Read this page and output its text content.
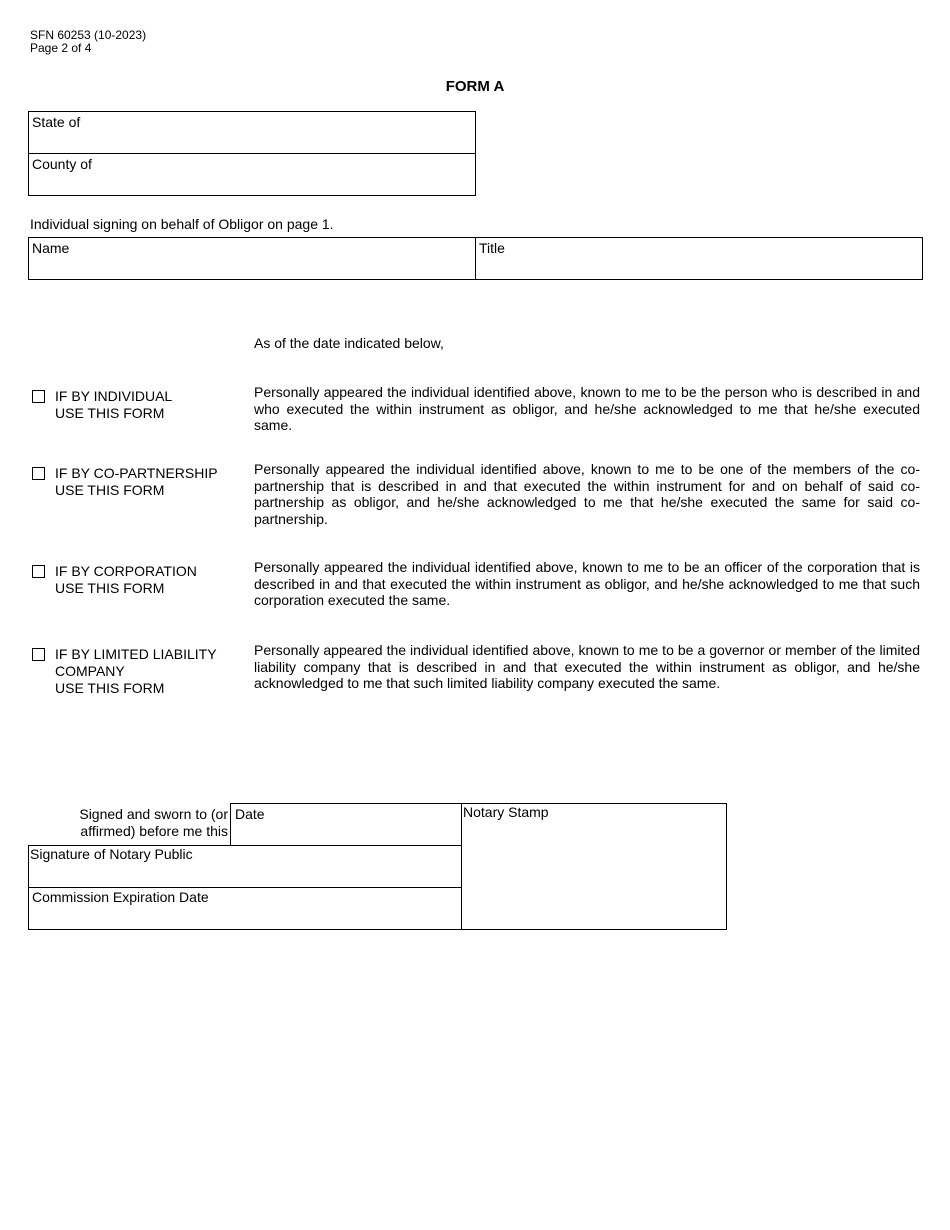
SFN 60253 (10-2023)
Page 2 of 4
FORM A
State of
County of
Individual signing on behalf of Obligor on page 1.
Name	Title
As of the date indicated below,
IF BY INDIVIDUAL
USE THIS FORM
Personally appeared the individual identified above, known to me to be the person who is described in and who executed the within instrument as obligor, and he/she acknowledged to me that he/she executed same.
IF BY CO-PARTNERSHIP
USE THIS FORM
Personally appeared the individual identified above, known to me to be one of the members of the co-partnership that is described in and that executed the within instrument for and on behalf of said co-partnership as obligor, and he/she acknowledged to me that he/she executed the same for said co-partnership.
IF BY CORPORATION
USE THIS FORM
Personally appeared the individual identified above, known to me to be an officer of the corporation that is described in and that executed the within instrument as obligor, and he/she acknowledged to me that such corporation executed the same.
IF BY LIMITED LIABILITY
COMPANY
USE THIS FORM
Personally appeared the individual identified above, known to me to be a governor or member of the limited liability company that is described in and that executed the within instrument as obligor, and he/she acknowledged to me that such limited liability company executed the same.
Signed and sworn to (or
affirmed) before me this
Date	Notary Stamp
Signature of Notary Public
Commission Expiration Date
